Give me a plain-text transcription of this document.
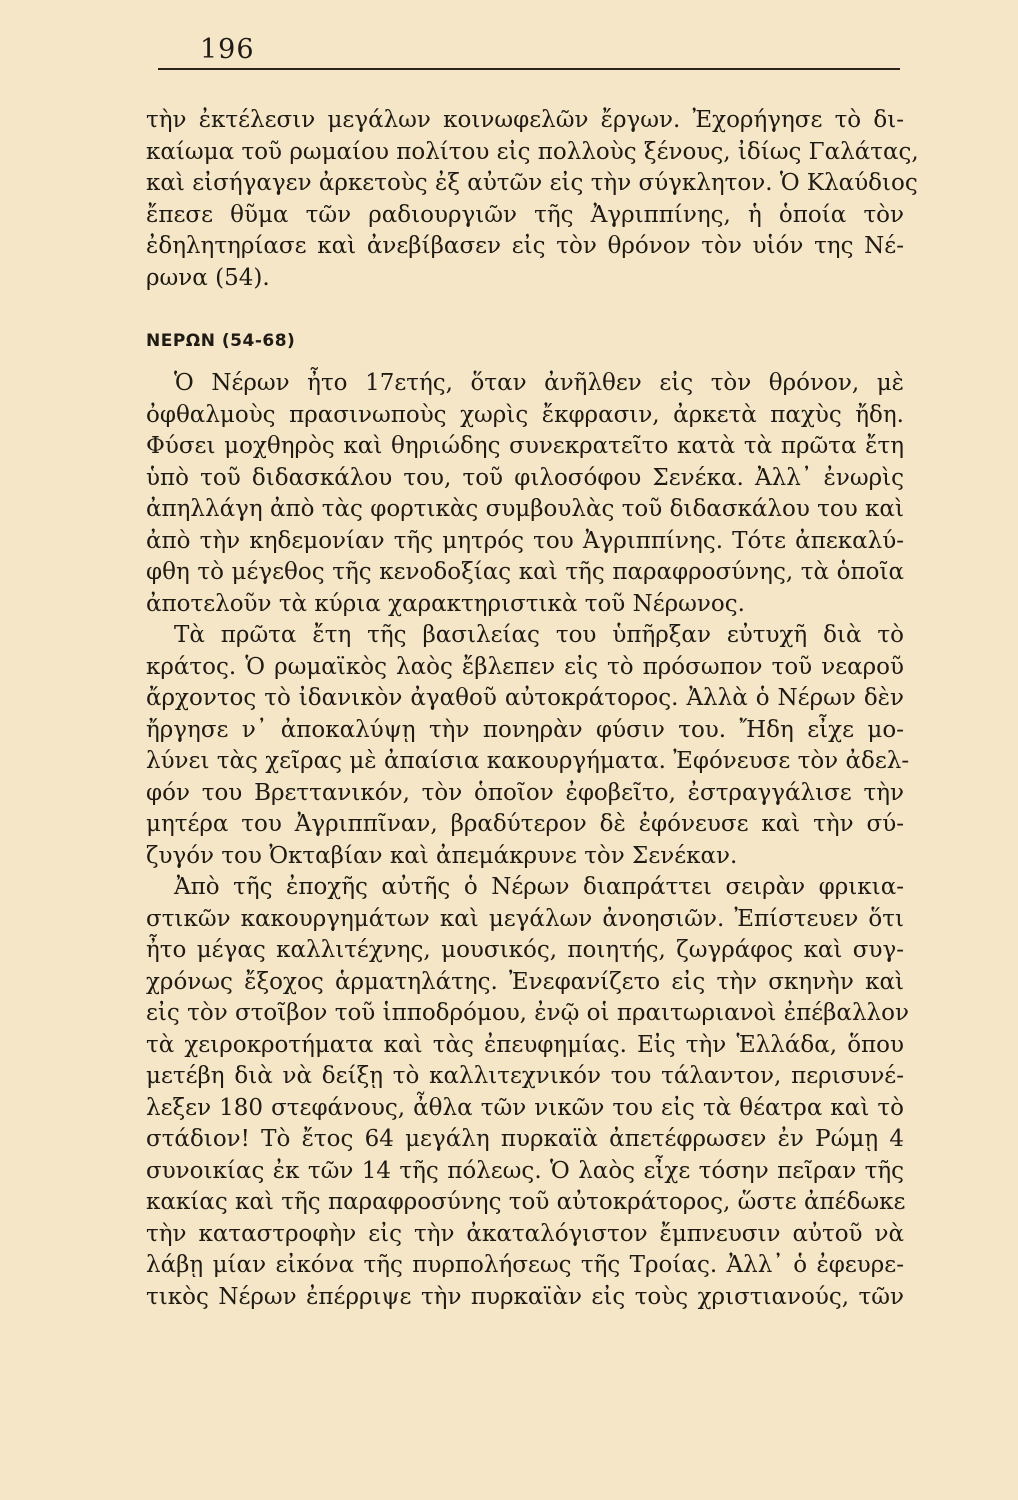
196
τὴν ἐκτέλεσιν μεγάλων κοινωφελῶν ἔργων. Ἐχορήγησε τὸ δι-
καίωμα τοῦ ρωμαίου πολίτου εἰς πολλοὺς ξένους, ἰδίως Γαλάτας,
καὶ εἰσήγαγεν ἀρκετοὺς ἐξ αὐτῶν εἰς τὴν σύγκλητον. Ὁ Κλαύδιος
ἔπεσε θῦμα τῶν ραδιουργιῶν τῆς Ἀγριππίνης, ἡ ὁποία τὸν
ἐδηλητηρίασε καὶ ἀνεβίβασεν εἰς τὸν θρόνον τὸν υἱόν της Νέ-
ρωνα (54).
ΝΕΡΩΝ (54-68)
Ὁ Νέρων ἦτο 17ετής, ὅταν ἀνῆλθεν εἰς τὸν θρόνον, μὲ
ὀφθαλμοὺς πρασινωποὺς χωρὶς ἔκφρασιν, ἀρκετὰ παχὺς ἤδη.
Φύσει μοχθηρὸς καὶ θηριώδης συνεκρατεῖτο κατὰ τὰ πρῶτα ἔτη
ὑπὸ τοῦ διδασκάλου του, τοῦ φιλοσόφου Σενέκα. Ἀλλ᾽ ἐνωρὶς
ἀπηλλάγη ἀπὸ τὰς φορτικὰς συμβουλὰς τοῦ διδασκάλου του καὶ
ἀπὸ τὴν κηδεμονίαν τῆς μητρός του Ἀγριππίνης. Τότε ἀπεκαλύ-
φθη τὸ μέγεθος τῆς κενοδοξίας καὶ τῆς παραφροσύνης, τὰ ὁποῖα
ἀποτελοῦν τὰ κύρια χαρακτηριστικὰ τοῦ Νέρωνος.
Τὰ πρῶτα ἔτη τῆς βασιλείας του ὑπῆρξαν εὐτυχῆ διὰ τὸ
κράτος. Ὁ ρωμαϊκὸς λαὸς ἔβλεπεν εἰς τὸ πρόσωπον τοῦ νεαροῦ
ἄρχοντος τὸ ἰδανικὸν ἀγαθοῦ αὐτοκράτορος. Ἀλλὰ ὁ Νέρων δὲν
ἤργησε ν᾽ ἀποκαλύψῃ τὴν πονηρὰν φύσιν του. Ἤδη εἶχε μο-
λύνει τὰς χεῖρας μὲ ἀπαίσια κακουργήματα. Ἐφόνευσε τὸν ἀδελ-
φόν του Βρεττανικόν, τὸν ὁποῖον ἐφοβεῖτο, ἐστραγγάλισε τὴν
μητέρα του Ἀγριππῖναν, βραδύτερον δὲ ἐφόνευσε καὶ τὴν σύ-
ζυγόν του Ὀκταβίαν καὶ ἀπεμάκρυνε τὸν Σενέκαν.
Ἀπὸ τῆς ἐποχῆς αὐτῆς ὁ Νέρων διαπράττει σειρὰν φρικια-
στικῶν κακουργημάτων καὶ μεγάλων ἀνοησιῶν. Ἐπίστευεν ὅτι
ἦτο μέγας καλλιτέχνης, μουσικός, ποιητής, ζωγράφος καὶ συγ-
χρόνως ἔξοχος ἁρματηλάτης. Ἐνεφανίζετο εἰς τὴν σκηνὴν καὶ
εἰς τὸν στοῖβον τοῦ ἱπποδρόμου, ἐνῷ οἱ πραιτωριανοὶ ἐπέβαλλον
τὰ χειροκροτήματα καὶ τὰς ἐπευφημίας. Εἰς τὴν Ἑλλάδα, ὅπου
μετέβη διὰ νὰ δείξῃ τὸ καλλιτεχνικόν του τάλαντον, περισυνέ-
λεξεν 180 στεφάνους, ἆθλα τῶν νικῶν του εἰς τὰ θέατρα καὶ τὸ
στάδιον! Τὸ ἔτος 64 μεγάλη πυρκαϊὰ ἀπετέφρωσεν ἐν Ρώμῃ 4
συνοικίας ἐκ τῶν 14 τῆς πόλεως. Ὁ λαὸς εἶχε τόσην πεῖραν τῆς
κακίας καὶ τῆς παραφροσύνης τοῦ αὐτοκράτορος, ὥστε ἀπέδωκε
τὴν καταστροφὴν εἰς τὴν ἀκαταλόγιστον ἔμπνευσιν αὐτοῦ νὰ
λάβῃ μίαν εἰκόνα τῆς πυρπολήσεως τῆς Τροίας. Ἀλλ᾽ ὁ ἐφευρε-
τικὸς Νέρων ἐπέρριψε τὴν πυρκαϊὰν εἰς τοὺς χριστιανούς, τῶν
